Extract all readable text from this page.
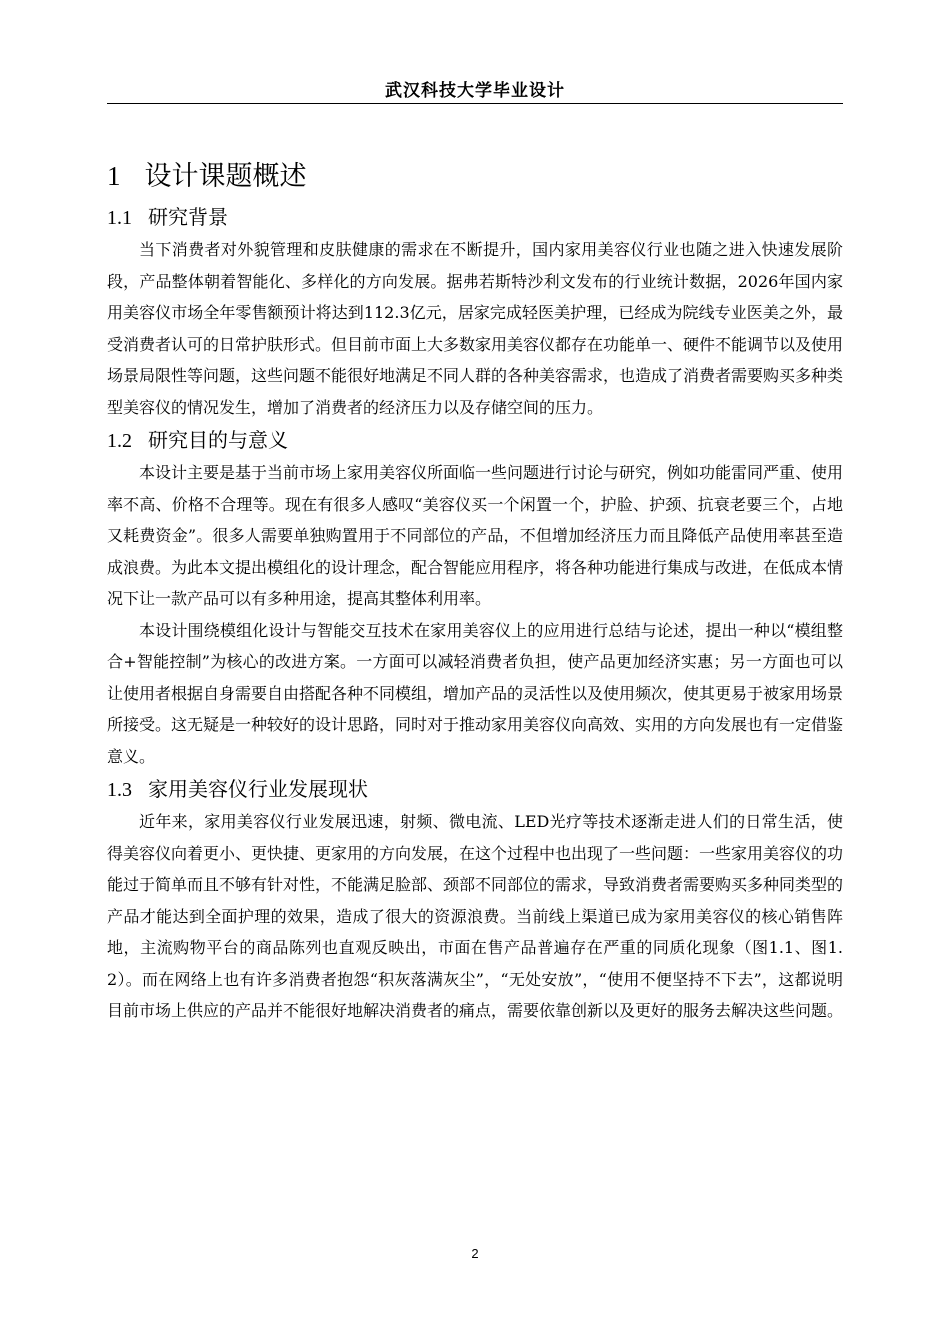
武汉科技大学毕业设计
1 设计课题概述
1.1 研究背景

当下消费者对外貌管理和皮肤健康的需求在不断提升，国内家用美容仪行业也随之进入快速发展阶段，产品整体朝着智能化、多样化的方向发展。据弗若斯特沙利文发布的行业统计数据，2026年国内家用美容仪市场全年零售额预计将达到112.3亿元，居家完成轻医美护理，已经成为院线专业医美之外，最受消费者认可的日常护肤形式。但目前市面上大多数家用美容仪都存在功能单一、硬件不能调节以及使用场景局限性等问题，这些问题不能很好地满足不同人群的各种美容需求，也造成了消费者需要购买多种类型美容仪的情况发生，增加了消费者的经济压力以及存储空间的压力。

1.2 研究目的与意义

本设计主要是基于当前市场上家用美容仪所面临一些问题进行讨论与研究，例如功能雷同严重、使用率不高、价格不合理等。现在有很多人感叹“美容仪买一个闲置一个，护脸、护颈、抗衰老要三个，占地又耗费资金”。很多人需要单独购置用于不同部位的产品，不但增加经济压力而且降低产品使用率甚至造成浪费。为此本文提出模组化的设计理念，配合智能应用程序，将各种功能进行集成与改进，在低成本情况下让一款产品可以有多种用途，提高其整体利用率。

本设计围绕模组化设计与智能交互技术在家用美容仪上的应用进行总结与论述，提出一种以“模组整合+智能控制”为核心的改进方案。一方面可以减轻消费者负担，使产品更加经济实惠；另一方面也可以让使用者根据自身需要自由搭配各种不同模组，增加产品的灵活性以及使用频次，使其更易于被家用场景所接受。这无疑是一种较好的设计思路，同时对于推动家用美容仪向高效、实用的方向发展也有一定借鉴意义。

1.3 家用美容仪行业发展现状

近年来，家用美容仪行业发展迅速，射频、微电流、LED光疗等技术逐渐走进人们的日常生活，使得美容仪向着更小、更快捷、更家用的方向发展，在这个过程中也出现了一些问题：一些家用美容仪的功能过于简单而且不够有针对性，不能满足脸部、颈部不同部位的需求，导致消费者需要购买多种同类型的产品才能达到全面护理的效果，造成了很大的资源浪费。当前线上渠道已成为家用美容仪的核心销售阵地，主流购物平台的商品陈列也直观反映出，市面在售产品普遍存在严重的同质化现象（图1.1、图1.2）。而在网络上也有许多消费者抱怨“积灰落满灰尘”，“无处安放”，“使用不便坚持不下去”，这都说明目前市场上供应的产品并不能很好地解决消费者的痛点，需要依靠创新以及更好的服务去解决这些问题。

2
